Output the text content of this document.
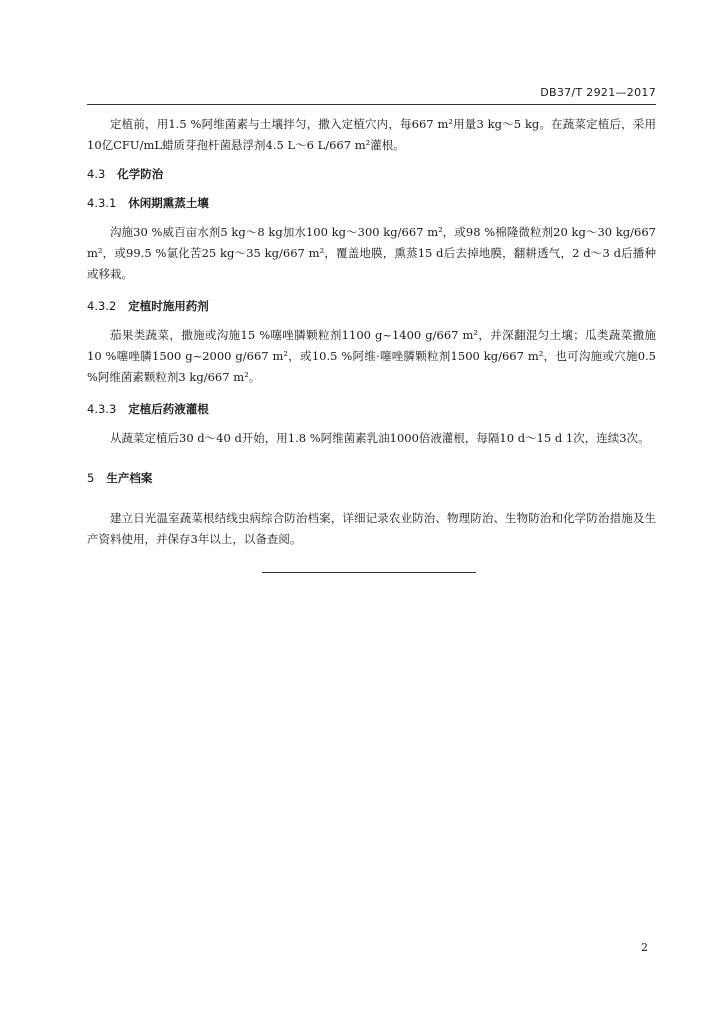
DB37/T 2921—2017

定植前，用1.5 %阿维菌素与土壤拌匀，撒入定植穴内，每667 m²用量3 kg～5 kg。在蔬菜定植后，采用10亿CFU/mL蜡质芽孢杆菌悬浮剂4.5 L～6 L/667 m²灌根。

4.3 化学防治
4.3.1 休闲期熏蒸土壤

沟施30 %威百亩水剂5 kg～8 kg加水100 kg～300 kg/667 m²，或98 %棉隆微粒剂20 kg～30 kg/667 m²，或99.5 %氯化苦25 kg～35 kg/667 m²，覆盖地膜，熏蒸15 d后去掉地膜，翻耕透气，2 d～3 d后播种或移栽。

4.3.2 定植时施用药剂

茄果类蔬菜，撒施或沟施15 %噻唑膦颗粒剂1100 g~1400 g/667 m²，并深翻混匀土壤；瓜类蔬菜撒施10 %噻唑膦1500 g~2000 g/667 m²，或10.5 %阿维·噻唑膦颗粒剂1500 kg/667 m²，也可沟施或穴施0.5 %阿维菌素颗粒剂3 kg/667 m²。

4.3.3 定植后药液灌根

从蔬菜定植后30 d～40 d开始，用1.8 %阿维菌素乳油1000倍液灌根，每隔10 d～15 d 1次，连续3次。

5 生产档案

建立日光温室蔬菜根结线虫病综合防治档案，详细记录农业防治、物理防治、生物防治和化学防治措施及生产资料使用，并保存3年以上，以备查阅。

2
